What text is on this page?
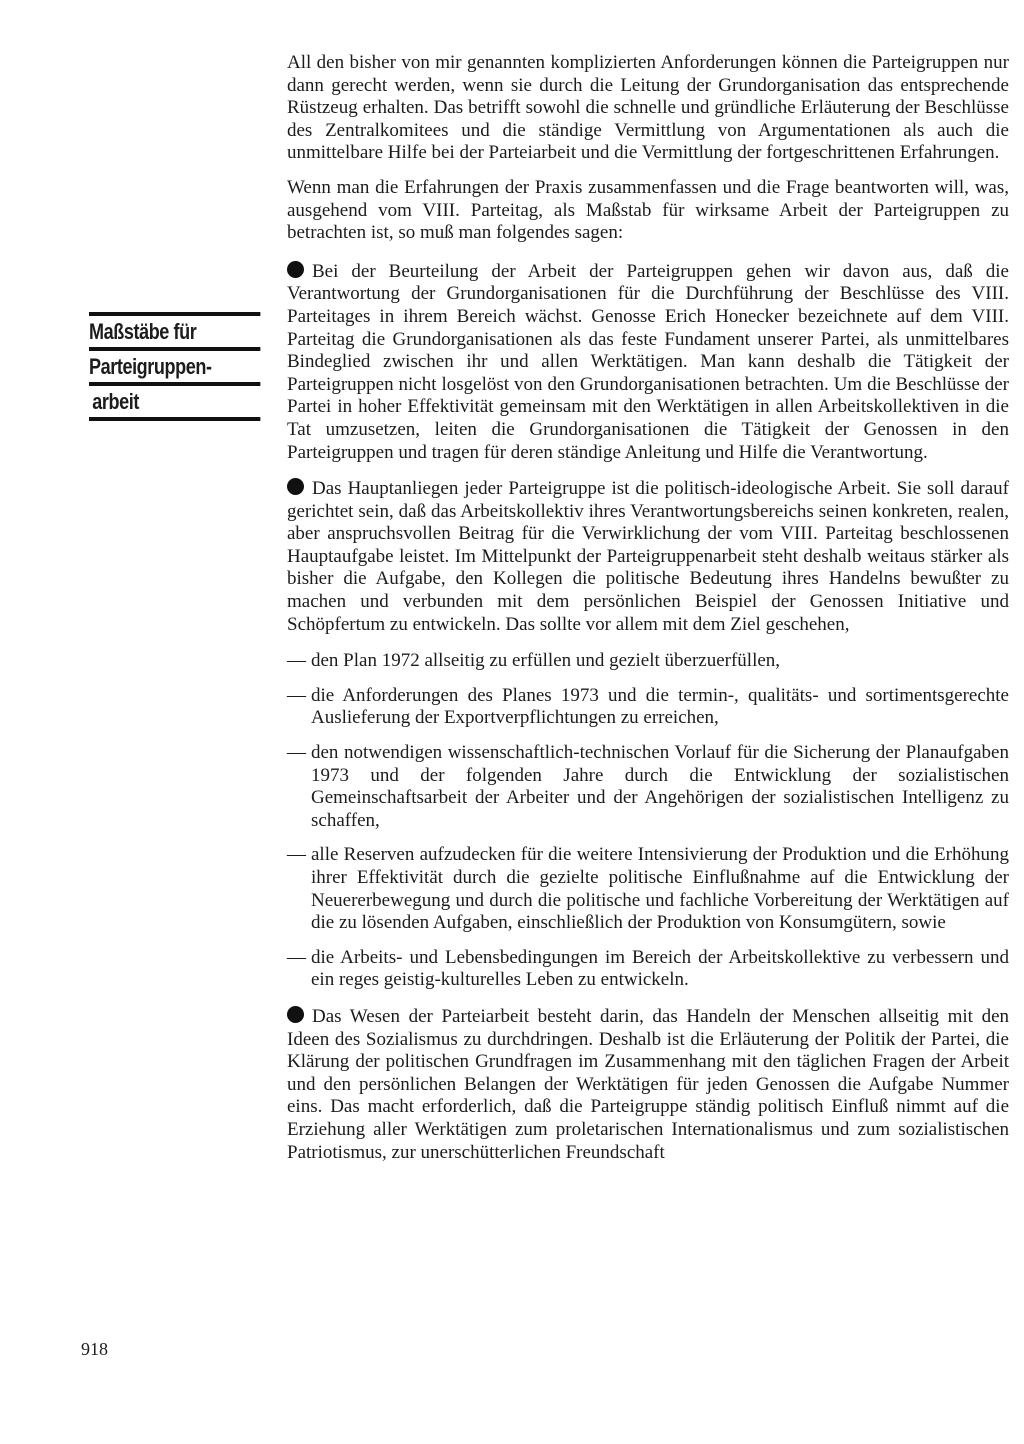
Maßstäbe für
Parteigruppen-
arbeit

All den bisher von mir genannten komplizierten Anforderungen können die Parteigruppen nur dann gerecht werden, wenn sie durch die Leitung der Grundorganisation das entsprechende Rüstzeug erhalten. Das betrifft sowohl die schnelle und gründliche Erläuterung der Beschlüsse des Zentralkomitees und die ständige Vermittlung von Argumentationen als auch die unmittelbare Hilfe bei der Parteiarbeit und die Vermittlung der fortgeschrittenen Erfahrungen.

Wenn man die Erfahrungen der Praxis zusammenfassen und die Frage beantworten will, was, ausgehend vom VIII. Parteitag, als Maßstab für wirksame Arbeit der Parteigruppen zu betrachten ist, so muß man folgendes sagen:

Bei der Beurteilung der Arbeit der Parteigruppen gehen wir davon aus, daß die Verantwortung der Grundorganisationen für die Durchführung der Beschlüsse des VIII. Parteitages in ihrem Bereich wächst. Genosse Erich Honecker bezeichnete auf dem VIII. Parteitag die Grundorganisationen als das feste Fundament unserer Partei, als unmittelbares Bindeglied zwischen ihr und allen Werktätigen. Man kann deshalb die Tätigkeit der Parteigruppen nicht losgelöst von den Grundorganisationen betrachten. Um die Beschlüsse der Partei in hoher Effektivität gemeinsam mit den Werktätigen in allen Arbeitskollektiven in die Tat umzusetzen, leiten die Grundorganisationen die Tätigkeit der Genossen in den Parteigruppen und tragen für deren ständige Anleitung und Hilfe die Verantwortung.

Das Hauptanliegen jeder Parteigruppe ist die politisch-ideologische Arbeit. Sie soll darauf gerichtet sein, daß das Arbeitskollektiv ihres Verantwortungsbereichs seinen konkreten, realen, aber anspruchsvollen Beitrag für die Verwirklichung der vom VIII. Parteitag beschlossenen Hauptaufgabe leistet. Im Mittelpunkt der Parteigruppenarbeit steht deshalb weitaus stärker als bisher die Aufgabe, den Kollegen die politische Bedeutung ihres Handelns bewußter zu machen und verbunden mit dem persönlichen Beispiel der Genossen Initiative und Schöpfertum zu entwickeln. Das sollte vor allem mit dem Ziel geschehen,

— den Plan 1972 allseitig zu erfüllen und gezielt überzuerfüllen,
— die Anforderungen des Planes 1973 und die termin-, qualitäts- und sortimentsgerechte Auslieferung der Exportverpflichtungen zu erreichen,
— den notwendigen wissenschaftlich-technischen Vorlauf für die Sicherung der Planaufgaben 1973 und der folgenden Jahre durch die Entwicklung der sozialistischen Gemeinschaftsarbeit der Arbeiter und der Angehörigen der sozialistischen Intelligenz zu schaffen,
— alle Reserven aufzudecken für die weitere Intensivierung der Produktion und die Erhöhung ihrer Effektivität durch die gezielte politische Einflußnahme auf die Entwicklung der Neuererbewegung und durch die politische und fachliche Vorbereitung der Werktätigen auf die zu lösenden Aufgaben, einschließlich der Produktion von Konsumgütern, sowie
— die Arbeits- und Lebensbedingungen im Bereich der Arbeitskollektive zu verbessern und ein reges geistig-kulturelles Leben zu entwickeln.

Das Wesen der Parteiarbeit besteht darin, das Handeln der Menschen allseitig mit den Ideen des Sozialismus zu durchdringen. Deshalb ist die Erläuterung der Politik der Partei, die Klärung der politischen Grundfragen im Zusammenhang mit den täglichen Fragen der Arbeit und den persönlichen Belangen der Werktätigen für jeden Genossen die Aufgabe Nummer eins. Das macht erforderlich, daß die Parteigruppe ständig politisch Einfluß nimmt auf die Erziehung aller Werktätigen zum proletarischen Internationalismus und zum sozialistischen Patriotismus, zur unerschütterlichen Freundschaft

918
